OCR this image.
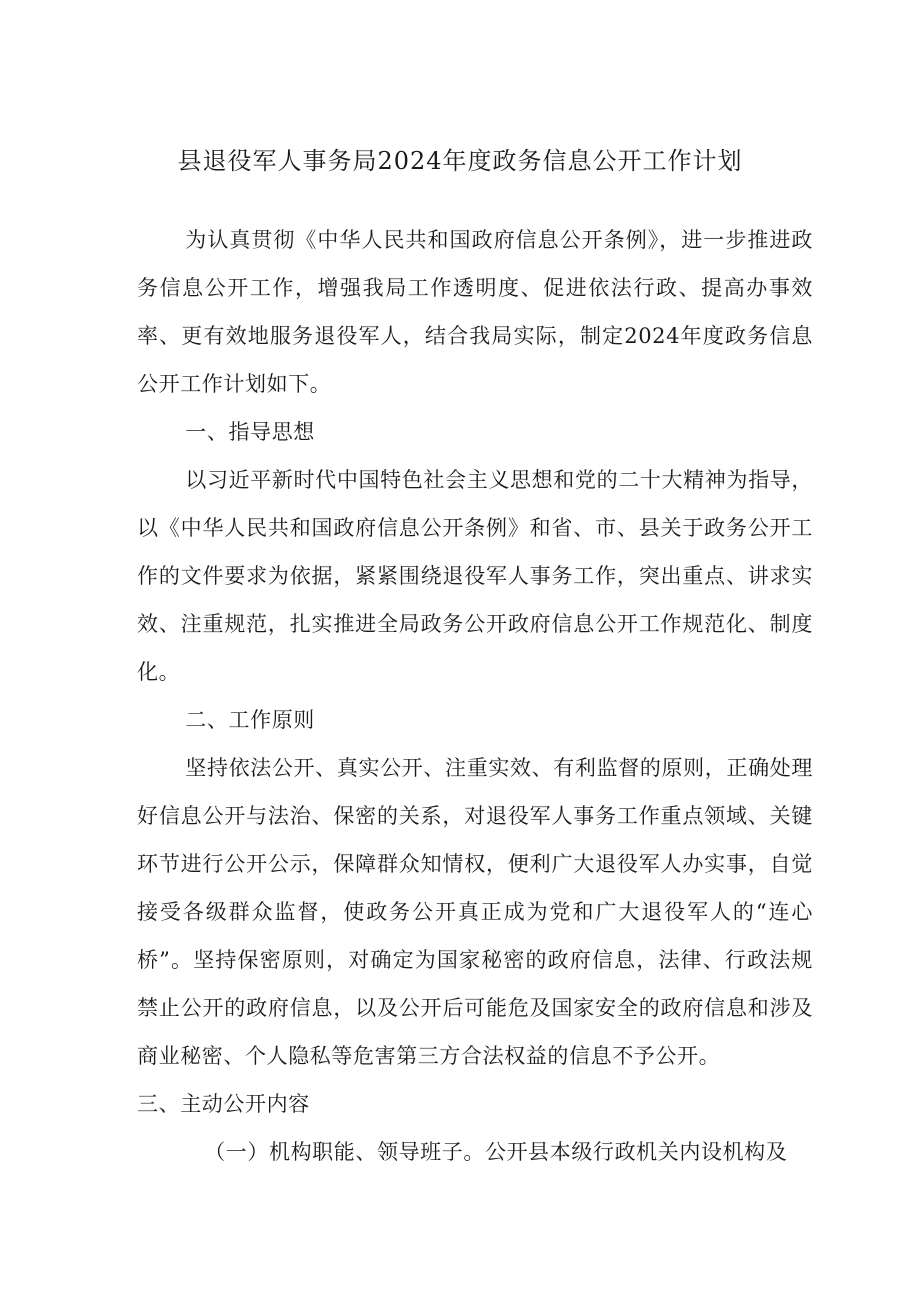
县退役军人事务局2024年度政务信息公开工作计划

为认真贯彻《中华人民共和国政府信息公开条例》，进一步推进政务信息公开工作，增强我局工作透明度、促进依法行政、提高办事效率、更有效地服务退役军人，结合我局实际，制定2024年度政务信息公开工作计划如下。

一、指导思想

以习近平新时代中国特色社会主义思想和党的二十大精神为指导，以《中华人民共和国政府信息公开条例》和省、市、县关于政务公开工作的文件要求为依据，紧紧围绕退役军人事务工作，突出重点、讲求实效、注重规范，扎实推进全局政务公开政府信息公开工作规范化、制度化。

二、工作原则

坚持依法公开、真实公开、注重实效、有利监督的原则，正确处理好信息公开与法治、保密的关系，对退役军人事务工作重点领域、关键环节进行公开公示，保障群众知情权，便利广大退役军人办实事，自觉接受各级群众监督，使政务公开真正成为党和广大退役军人的“连心桥”。坚持保密原则，对确定为国家秘密的政府信息，法律、行政法规禁止公开的政府信息，以及公开后可能危及国家安全的政府信息和涉及商业秘密、个人隐私等危害第三方合法权益的信息不予公开。

三、主动公开内容

（一）机构职能、领导班子。公开县本级行政机关内设机构及
